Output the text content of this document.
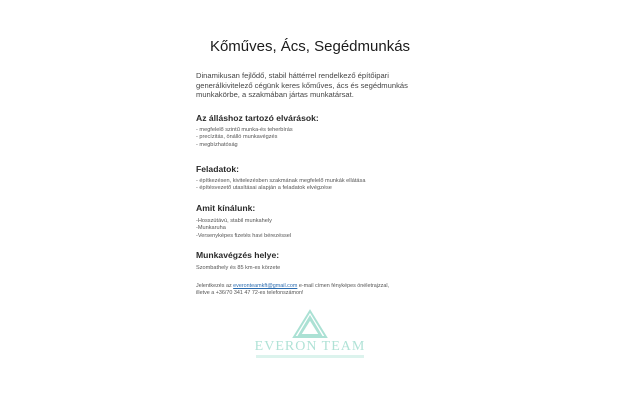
Kőműves, Ács, Segédmunkás
Dinamikusan fejlődő, stabil háttérrel rendelkező építőipari generálkivitelező cégünk keres kőműves, ács és segédmunkás munkakörbe, a szakmában jártas munkatársat.
Az álláshoz tartozó elvárások:
- megfelelő szintű munka-és teherbírás
- precízitás, önálló munkavégzés
- megbízhatóság
Feladatok:
- építkezésen, kivitelezésben szakmának megfelelő munkák ellátása
- építésvezető utasításai alapján a feladatok elvégzése
Amit kínálunk:
-Hosszútávú, stabil munkahely
-Munkaruha
-Versenyképes fizetés havi bérezéssel
Munkavégzés helye:
Szombathely és 85 km-es körzete
Jelentkezés az everonteamkft@gmail.com e-mail címen fényképes önéletrajzzal,
illetve a +36/70 341 47 72-es telefonszámon!
EVERON TEAM
